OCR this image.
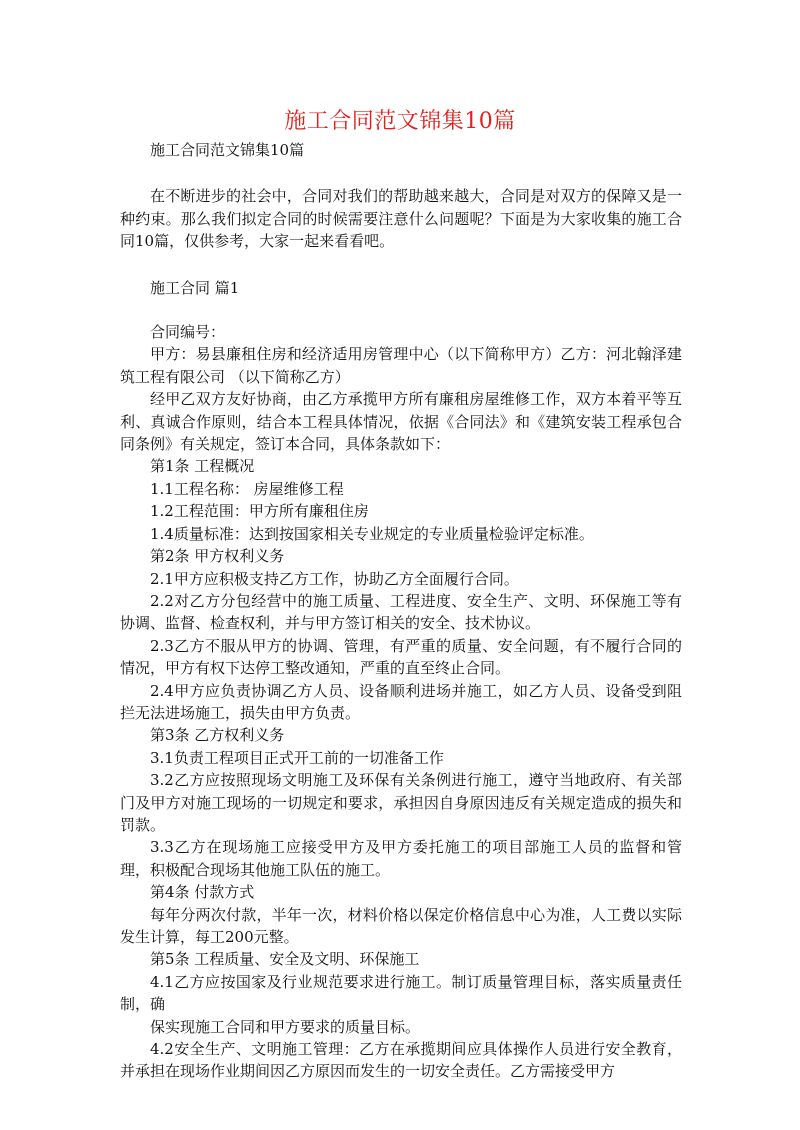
施工合同范文锦集10篇

施工合同范文锦集10篇

在不断进步的社会中，合同对我们的帮助越来越大，合同是对双方的保障又是一种约束。那么我们拟定合同的时候需要注意什么问题呢？下面是为大家收集的施工合同10篇，仅供参考，大家一起来看看吧。

施工合同 篇1

合同编号：

甲方：易县廉租住房和经济适用房管理中心（以下简称甲方）乙方：河北翰泽建筑工程有限公司 （以下简称乙方）

经甲乙双方友好协商，由乙方承揽甲方所有廉租房屋维修工作，双方本着平等互利、真诚合作原则，结合本工程具体情况，依据《合同法》和《建筑安装工程承包合同条例》有关规定，签订本合同，具体条款如下：

第1条 工程概况

1.1工程名称： 房屋维修工程

1.2工程范围：甲方所有廉租住房

1.4质量标准：达到按国家相关专业规定的专业质量检验评定标准。

第2条 甲方权利义务

2.1甲方应积极支持乙方工作，协助乙方全面履行合同。

2.2对乙方分包经营中的施工质量、工程进度、安全生产、文明、环保施工等有协调、监督、检查权利，并与甲方签订相关的安全、技术协议。

2.3乙方不服从甲方的协调、管理，有严重的质量、安全问题，有不履行合同的情况，甲方有权下达停工整改通知，严重的直至终止合同。

2.4甲方应负责协调乙方人员、设备顺利进场并施工，如乙方人员、设备受到阻拦无法进场施工，损失由甲方负责。

第3条 乙方权利义务

3.1负责工程项目正式开工前的一切准备工作

3.2乙方应按照现场文明施工及环保有关条例进行施工，遵守当地政府、有关部门及甲方对施工现场的一切规定和要求，承担因自身原因违反有关规定造成的损失和罚款。

3.3乙方在现场施工应接受甲方及甲方委托施工的项目部施工人员的监督和管理，积极配合现场其他施工队伍的施工。

第4条 付款方式

每年分两次付款，半年一次，材料价格以保定价格信息中心为准，人工费以实际发生计算，每工200元整。

第5条 工程质量、安全及文明、环保施工

4.1乙方应按国家及行业规范要求进行施工。制订质量管理目标，落实质量责任制，确

保实现施工合同和甲方要求的质量目标。

4.2安全生产、文明施工管理：乙方在承揽期间应具体操作人员进行安全教育，并承担在现场作业期间因乙方原因而发生的一切安全责任。乙方需接受甲方
